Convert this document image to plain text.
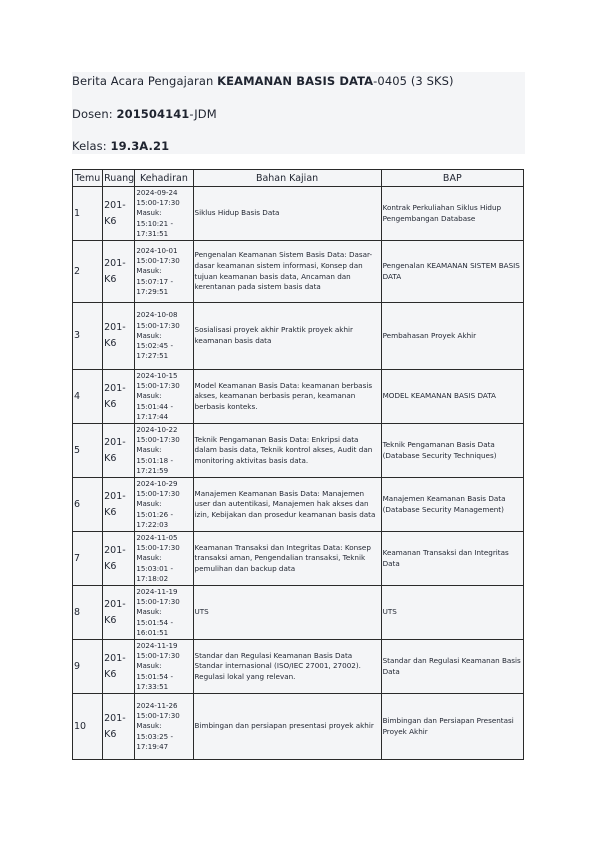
Berita Acara Pengajaran KEAMANAN BASIS DATA-0405 (3 SKS)
Dosen: 201504141-JDM
Kelas: 19.3A.21
Temu	Ruang	Kehadiran	Bahan Kajian	BAP
1	201-K6	2024-09-24 15:00-17:30 Masuk: 15:10:21 - 17:31:51	Siklus Hidup Basis Data	Kontrak Perkuliahan Siklus Hidup Pengembangan Database
2	201-K6	2024-10-01 15:00-17:30 Masuk: 15:07:17 - 17:29:51	Pengenalan Keamanan Sistem Basis Data: Dasar-dasar keamanan sistem informasi, Konsep dan tujuan keamanan basis data, Ancaman dan kerentanan pada sistem basis data	Pengenalan KEAMANAN SISTEM BASIS DATA
3	201-K6	2024-10-08 15:00-17:30 Masuk: 15:02:45 - 17:27:51	Sosialisasi proyek akhir Praktik proyek akhir keamanan basis data	Pembahasan Proyek Akhir
4	201-K6	2024-10-15 15:00-17:30 Masuk: 15:01:44 - 17:17:44	Model Keamanan Basis Data: keamanan berbasis akses, keamanan berbasis peran, keamanan berbasis konteks.	MODEL KEAMANAN BASIS DATA
5	201-K6	2024-10-22 15:00-17:30 Masuk: 15:01:18 - 17:21:59	Teknik Pengamanan Basis Data: Enkripsi data dalam basis data, Teknik kontrol akses, Audit dan monitoring aktivitas basis data.	Teknik Pengamanan Basis Data (Database Security Techniques)
6	201-K6	2024-10-29 15:00-17:30 Masuk: 15:01:26 - 17:22:03	Manajemen Keamanan Basis Data: Manajemen user dan autentikasi, Manajemen hak akses dan izin, Kebijakan dan prosedur keamanan basis data	Manajemen Keamanan Basis Data (Database Security Management)
7	201-K6	2024-11-05 15:00-17:30 Masuk: 15:03:01 - 17:18:02	Keamanan Transaksi dan Integritas Data: Konsep transaksi aman, Pengendalian transaksi, Teknik pemulihan dan backup data	Keamanan Transaksi dan Integritas Data
8	201-K6	2024-11-19 15:00-17:30 Masuk: 15:01:54 - 16:01:51	UTS	UTS
9	201-K6	2024-11-19 15:00-17:30 Masuk: 15:01:54 - 17:33:51	Standar dan Regulasi Keamanan Basis Data Standar internasional (ISO/IEC 27001, 27002). Regulasi lokal yang relevan.	Standar dan Regulasi Keamanan Basis Data
10	201-K6	2024-11-26 15:00-17:30 Masuk: 15:03:25 - 17:19:47	Bimbingan dan persiapan presentasi proyek akhir	Bimbingan dan Persiapan Presentasi Proyek Akhir
